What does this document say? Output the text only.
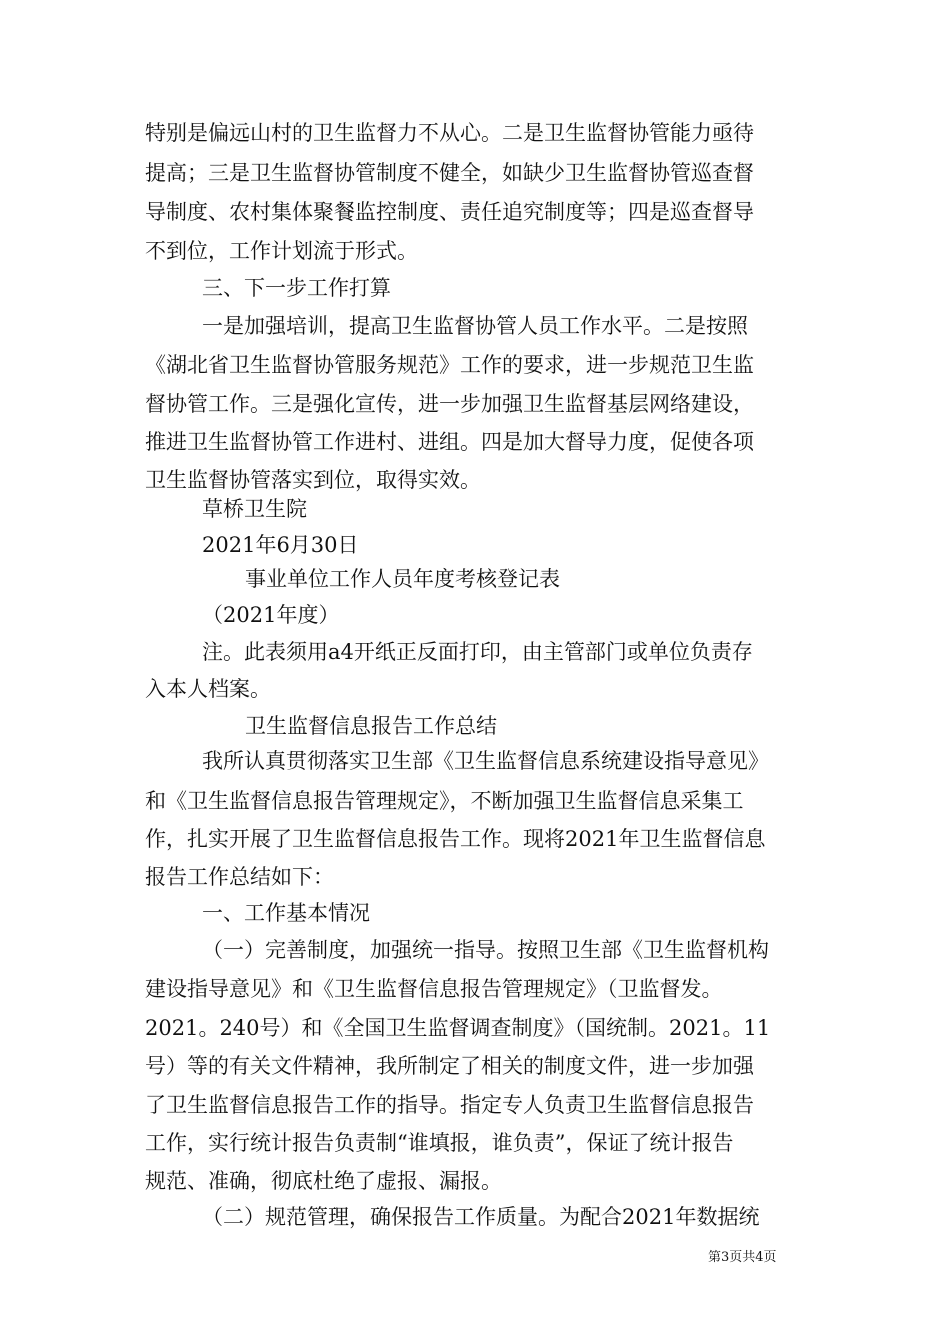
特别是偏远山村的卫生监督力不从心。二是卫生监督协管能力亟待
提高；三是卫生监督协管制度不健全，如缺少卫生监督协管巡查督
导制度、农村集体聚餐监控制度、责任追究制度等；四是巡查督导
不到位，工作计划流于形式。
三、下一步工作打算
一是加强培训，提高卫生监督协管人员工作水平。二是按照
《湖北省卫生监督协管服务规范》工作的要求，进一步规范卫生监
督协管工作。三是强化宣传，进一步加强卫生监督基层网络建设，
推进卫生监督协管工作进村、进组。四是加大督导力度，促使各项
卫生监督协管落实到位，取得实效。
草桥卫生院
2021年6月30日
事业单位工作人员年度考核登记表
（2021年度）
注。此表须用a4开纸正反面打印，由主管部门或单位负责存
入本人档案。
卫生监督信息报告工作总结
我所认真贯彻落实卫生部《卫生监督信息系统建设指导意见》
和《卫生监督信息报告管理规定》，不断加强卫生监督信息采集工
作，扎实开展了卫生监督信息报告工作。现将2021年卫生监督信息
报告工作总结如下：
一、工作基本情况
（一）完善制度，加强统一指导。按照卫生部《卫生监督机构
建设指导意见》和《卫生监督信息报告管理规定》（卫监督发。
2021。240号）和《全国卫生监督调查制度》（国统制。2021。11
号）等的有关文件精神，我所制定了相关的制度文件，进一步加强
了卫生监督信息报告工作的指导。指定专人负责卫生监督信息报告
工作，实行统计报告负责制“谁填报，谁负责”，保证了统计报告
规范、准确，彻底杜绝了虚报、漏报。
（二）规范管理，确保报告工作质量。为配合2021年数据统
第3页共4页
